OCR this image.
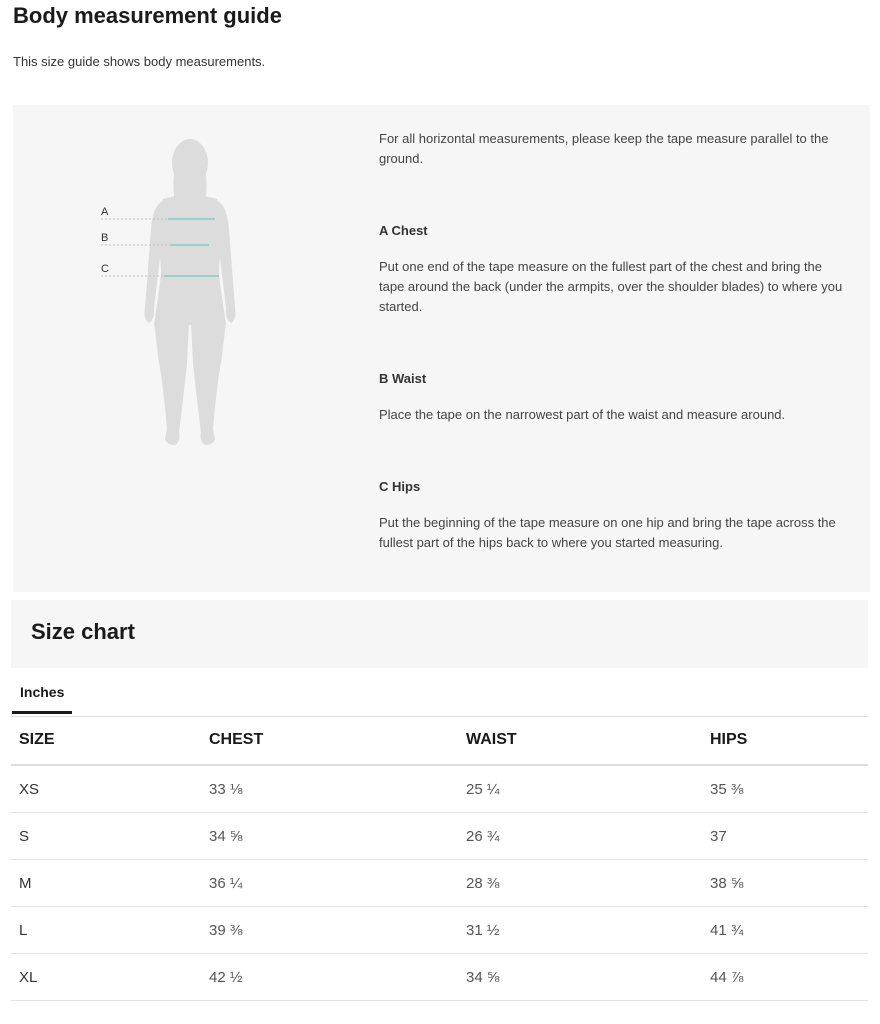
Body measurement guide

This size guide shows body measurements.

A
B
C

For all horizontal measurements, please keep the tape measure parallel to the ground.

A Chest

Put one end of the tape measure on the fullest part of the chest and bring the tape around the back (under the armpits, over the shoulder blades) to where you started.

B Waist

Place the tape on the narrowest part of the waist and measure around.

C Hips

Put the beginning of the tape measure on one hip and bring the tape across the fullest part of the hips back to where you started measuring.

Size chart
Inches
SIZE	CHEST	WAIST	HIPS
XS	33 ⅛	25 ¼	35 ⅜
S	34 ⅝	26 ¾	37
M	36 ¼	28 ⅜	38 ⅝
L	39 ⅜	31 ½	41 ¾
XL	42 ½	34 ⅝	44 ⅞
